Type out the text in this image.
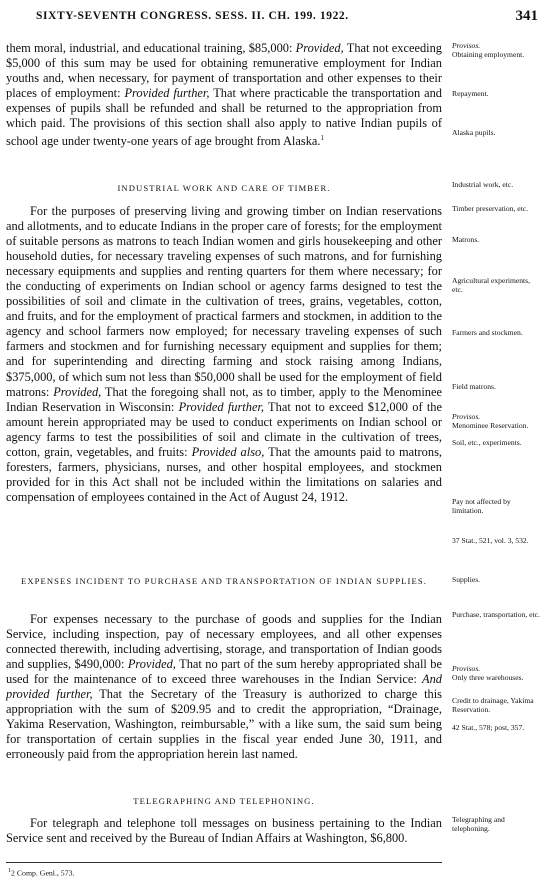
SIXTY-SEVENTH CONGRESS. SESS. II. CH. 199. 1922.	341

them moral, industrial, and educational training, $85,000: Provided, That not exceeding $5,000 of this sum may be used for obtaining remunerative employment for Indian youths and, when necessary, for payment of transportation and other expenses to their places of employment: Provided further, That where practicable the transportation and expenses of pupils shall be refunded and shall be returned to the appropriation from which paid. The provisions of this section shall also apply to native Indian pupils of school age under twenty-one years of age brought from Alaska.$^1$

INDUSTRIAL WORK AND CARE OF TIMBER.

For the purposes of preserving living and growing timber on Indian reservations and allotments, and to educate Indians in the proper care of forests; for the employment of suitable persons as matrons to teach Indian women and girls housekeeping and other household duties, for necessary traveling expenses of such matrons, and for furnishing necessary equipments and supplies and renting quarters for them where necessary; for the conducting of experiments on Indian school or agency farms designed to test the possibilities of soil and climate in the cultivation of trees, grains, vegetables, cotton, and fruits, and for the employment of practical farmers and stockmen, in addition to the agency and school farmers now employed; for necessary traveling expenses of such farmers and stockmen and for furnishing necessary equipment and supplies for them; and for superintending and directing farming and stock raising among Indians, $375,000, of which sum not less than $50,000 shall be used for the employment of field matrons: Provided, That the foregoing shall not, as to timber, apply to the Menominee Indian Reservation in Wisconsin: Provided further, That not to exceed $12,000 of the amount herein appropriated may be used to conduct experiments on Indian school or agency farms to test the possibilities of soil and climate in the cultivation of trees, cotton, grain, vegetables, and fruits: Provided also, That the amounts paid to matrons, foresters, farmers, physicians, nurses, and other hospital employees, and stockmen provided for in this Act shall not be included within the limitations on salaries and compensation of employees contained in the Act of August 24, 1912.

EXPENSES INCIDENT TO PURCHASE AND TRANSPORTATION OF INDIAN SUPPLIES.

For expenses necessary to the purchase of goods and supplies for the Indian Service, including inspection, pay of necessary employees, and all other expenses connected therewith, including advertising, storage, and transportation of Indian goods and supplies, $490,000: Provided, That no part of the sum hereby appropriated shall be used for the maintenance of to exceed three warehouses in the Indian Service: And provided further, That the Secretary of the Treasury is authorized to charge this appropriation with the sum of $209.95 and to credit the appropriation, “Drainage, Yakima Reservation, Washington, reimbursable,” with a like sum, the said sum being for transportation of certain supplies in the fiscal year ended June 30, 1911, and erroneously paid from the appropriation herein last named.

TELEGRAPHING AND TELEPHONING.

For telegraph and telephone toll messages on business pertaining to the Indian Service sent and received by the Bureau of Indian Affairs at Washington, $6,800.

Provisos.
Obtaining employment.
Repayment.
Alaska pupils.
Industrial work, etc.
Timber preservation, etc.
Matrons.
Agricultural experiments, etc.
Farmers and stockmen.
Field matrons.
Provisos.
Menominee Reservation.
Soil, etc., experiments.
Pay not affected by limitation.
37 Stat., 521, vol. 3, 532.
Supplies.
Purchase, transportation, etc.
Provisos.
Only three warehouses.
Credit to drainage, Yakima Reservation.
42 Stat., 578; post, 357.
Telegraphing and telephoning.
$^1$2 Comp. Genl., 573.
